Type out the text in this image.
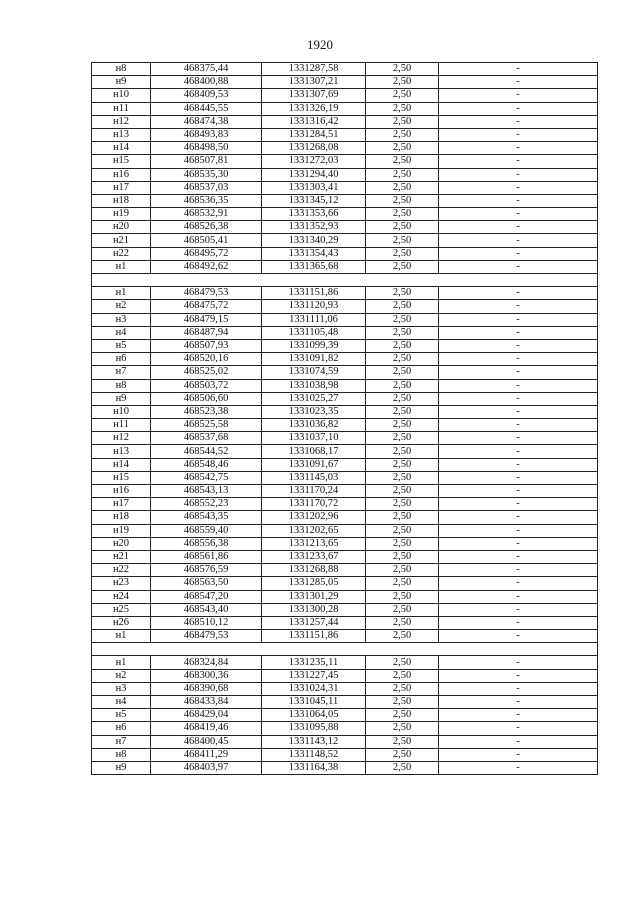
1920
н8	468375,44	1331287,58	2,50	-
н9	468400,88	1331307,21	2,50	-
н10	468409,53	1331307,69	2,50	-
н11	468445,55	1331326,19	2,50	-
н12	468474,38	1331316,42	2,50	-
н13	468493,83	1331284,51	2,50	-
н14	468498,50	1331268,08	2,50	-
н15	468507,81	1331272,03	2,50	-
н16	468535,30	1331294,40	2,50	-
н17	468537,03	1331303,41	2,50	-
н18	468536,35	1331345,12	2,50	-
н19	468532,91	1331353,66	2,50	-
н20	468526,38	1331352,93	2,50	-
н21	468505,41	1331340,29	2,50	-
н22	468495,72	1331354,43	2,50	-
н1	468492,62	1331365,68	2,50	-

н1	468479,53	1331151,86	2,50	-
н2	468475,72	1331120,93	2,50	-
н3	468479,15	1331111,06	2,50	-
н4	468487,94	1331105,48	2,50	-
н5	468507,93	1331099,39	2,50	-
н6	468520,16	1331091,82	2,50	-
н7	468525,02	1331074,59	2,50	-
н8	468503,72	1331038,98	2,50	-
н9	468506,60	1331025,27	2,50	-
н10	468523,38	1331023,35	2,50	-
н11	468525,58	1331036,82	2,50	-
н12	468537,68	1331037,10	2,50	-
н13	468544,52	1331068,17	2,50	-
н14	468548,46	1331091,67	2,50	-
н15	468542,75	1331145,03	2,50	-
н16	468543,13	1331170,24	2,50	-
н17	468552,23	1331170,72	2,50	-
н18	468543,35	1331202,96	2,50	-
н19	468559,40	1331202,65	2,50	-
н20	468556,38	1331213,65	2,50	-
н21	468561,86	1331233,67	2,50	-
н22	468576,59	1331268,88	2,50	-
н23	468563,50	1331285,05	2,50	-
н24	468547,20	1331301,29	2,50	-
н25	468543,40	1331300,28	2,50	-
н26	468510,12	1331257,44	2,50	-
н1	468479,53	1331151,86	2,50	-

н1	468324,84	1331235,11	2,50	-
н2	468300,36	1331227,45	2,50	-
н3	468390,68	1331024,31	2,50	-
н4	468433,84	1331045,11	2,50	-
н5	468429,04	1331064,05	2,50	-
н6	468419,46	1331095,88	2,50	-
н7	468400,45	1331143,12	2,50	-
н8	468411,29	1331148,52	2,50	-
н9	468403,97	1331164,38	2,50	-
